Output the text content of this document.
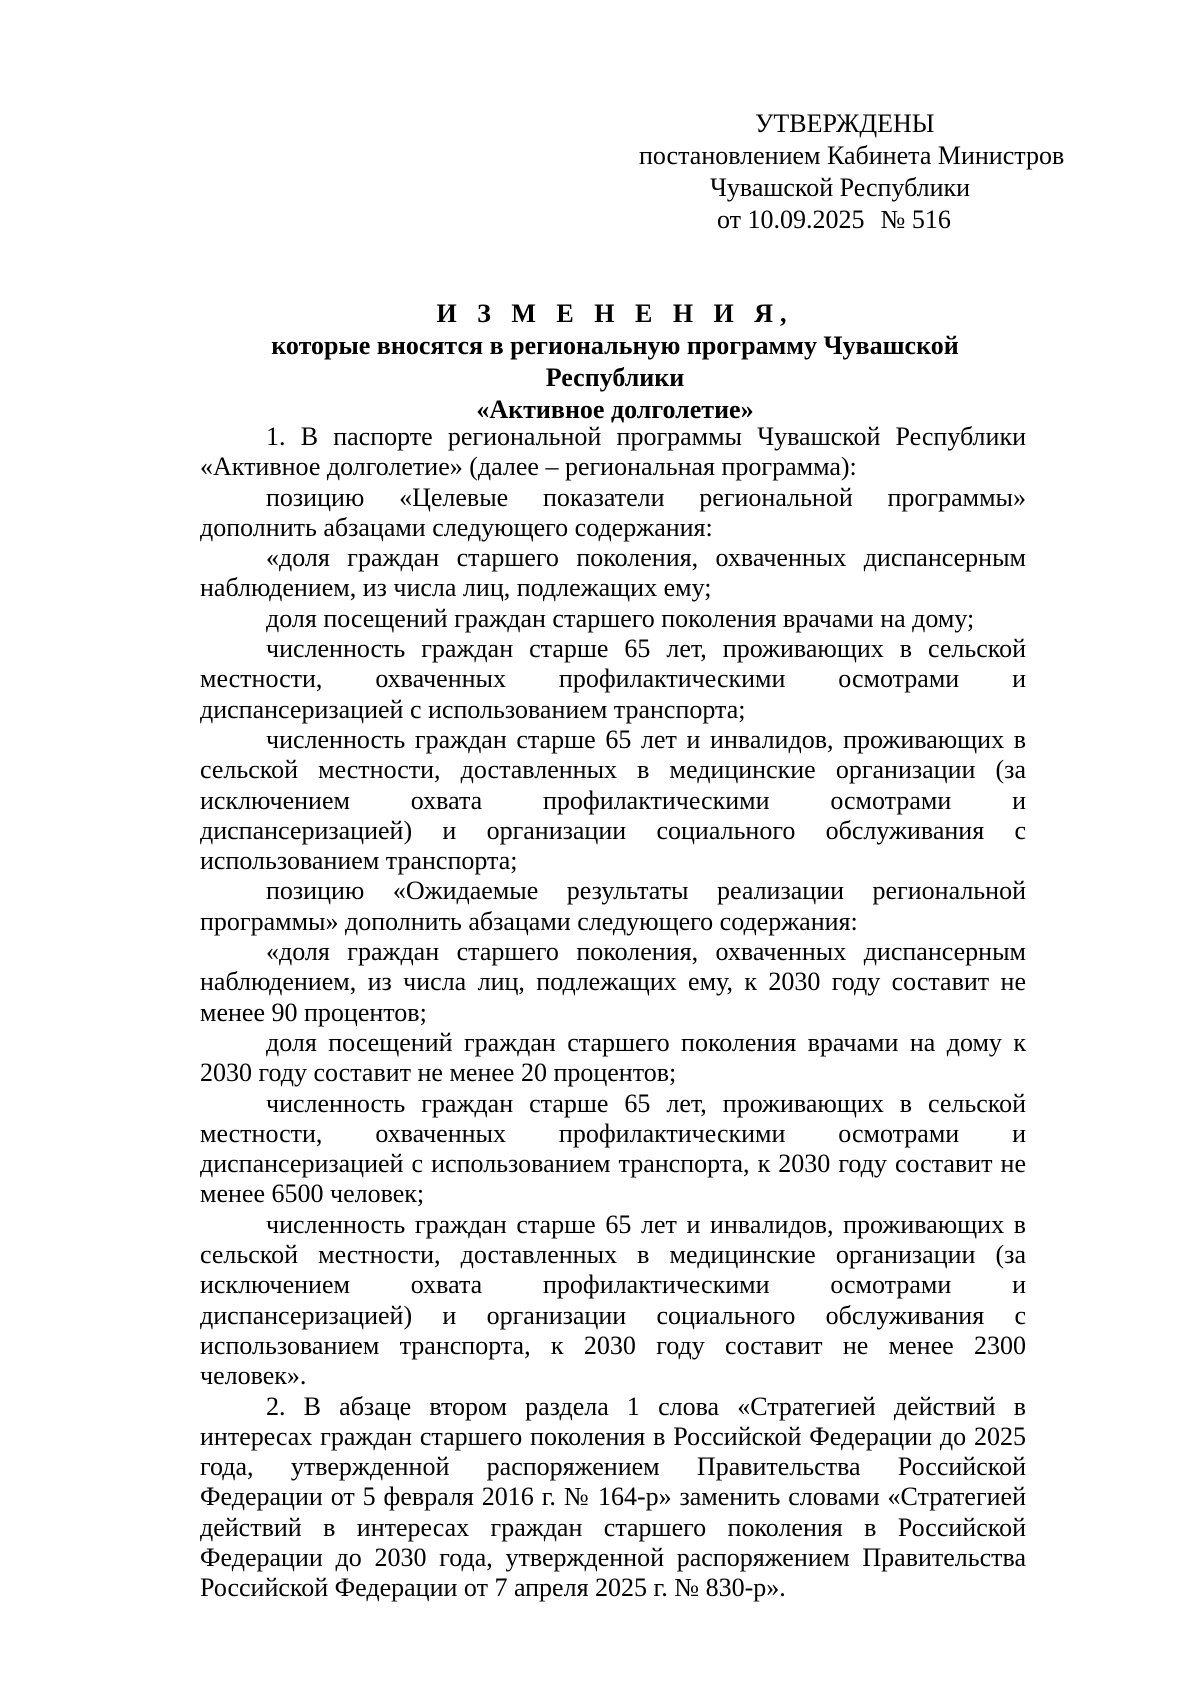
УТВЕРЖДЕНЫ
постановлением Кабинета Министров
Чувашской Республики
от 10.09.2025 № 516
И З М Е Н Е Н И Я,
которые вносятся в региональную программу Чувашской Республики
«Активное долголетие»

1. В паспорте региональной программы Чувашской Республики «Активное долголетие» (далее – региональная программа):

позицию «Целевые показатели региональной программы» дополнить абзацами следующего содержания:

«доля граждан старшего поколения, охваченных диспансерным наблюдением, из числа лиц, подлежащих ему;

доля посещений граждан старшего поколения врачами на дому;

численность граждан старше 65 лет, проживающих в сельской местности, охваченных профилактическими осмотрами и диспансеризацией с использованием транспорта;

численность граждан старше 65 лет и инвалидов, проживающих в сельской местности, доставленных в медицинские организации (за исключением охвата профилактическими осмотрами и диспансеризацией) и организации социального обслуживания с использованием транспорта;

позицию «Ожидаемые результаты реализации региональной программы» дополнить абзацами следующего содержания:

«доля граждан старшего поколения, охваченных диспансерным наблюдением, из числа лиц, подлежащих ему, к 2030 году составит не менее 90 процентов;

доля посещений граждан старшего поколения врачами на дому к 2030 году составит не менее 20 процентов;

численность граждан старше 65 лет, проживающих в сельской местности, охваченных профилактическими осмотрами и диспансеризацией с использованием транспорта, к 2030 году составит не менее 6500 человек;

численность граждан старше 65 лет и инвалидов, проживающих в сельской местности, доставленных в медицинские организации (за исключением охвата профилактическими осмотрами и диспансеризацией) и организации социального обслуживания с использованием транспорта, к 2030 году составит не менее 2300 человек».

2. В абзаце втором раздела 1 слова «Стратегией действий в интересах граждан старшего поколения в Российской Федерации до 2025 года, утвержденной распоряжением Правительства Российской Федерации от 5 февраля 2016 г. № 164-р» заменить словами «Стратегией действий в интересах граждан старшего поколения в Российской Федерации до 2030 года, утвержденной распоряжением Правительства Российской Федерации от 7 апреля 2025 г. № 830-р».
